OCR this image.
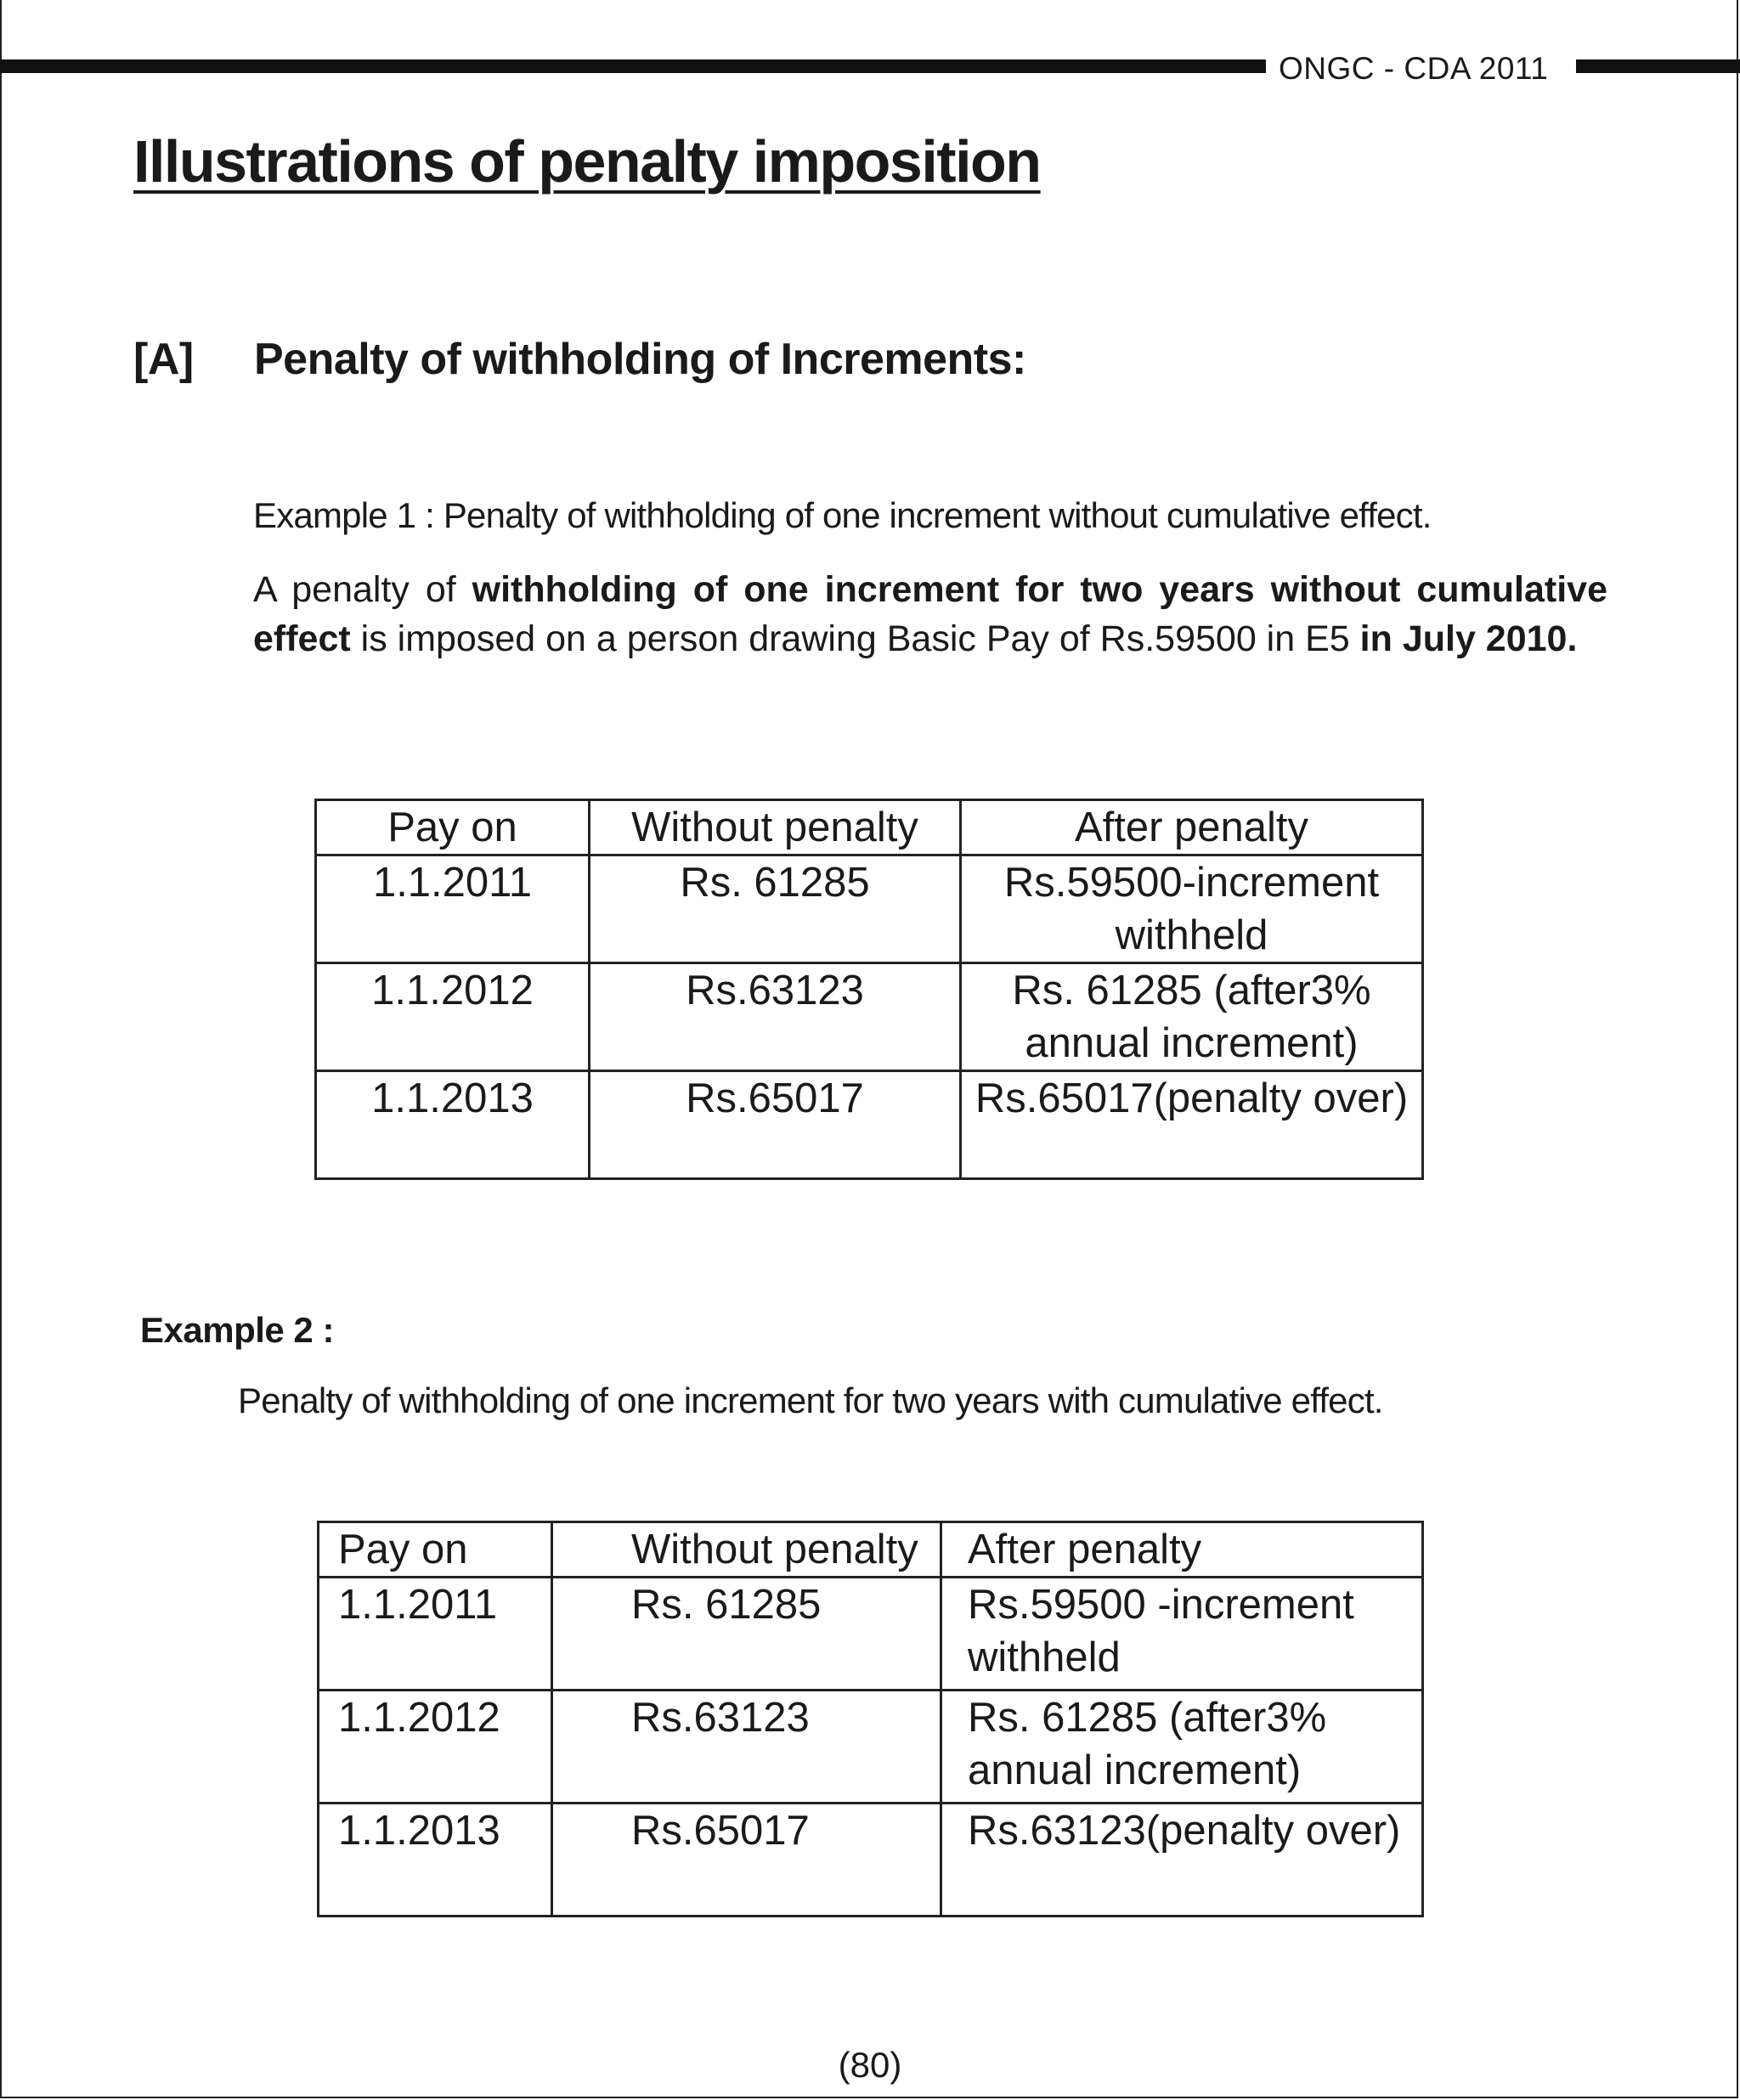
ONGC - CDA 2011
Illustrations of penalty imposition
[A] Penalty of withholding of Increments:
Example 1 : Penalty of withholding of one increment without cumulative effect.

A penalty of withholding of one increment for two years without cumulative effect is imposed on a person drawing Basic Pay of Rs.59500 in E5 in July 2010.

Pay on	Without penalty	After penalty
1.1.2011	Rs. 61285	Rs.59500-increment withheld
1.1.2012	Rs.63123	Rs. 61285 (after3% annual increment)
1.1.2013	Rs.65017	Rs.65017(penalty over)
Example 2 :
Penalty of withholding of one increment for two years with cumulative effect.
Pay on	Without penalty	After penalty
1.1.2011	Rs. 61285	Rs.59500 -increment withheld
1.1.2012	Rs.63123	Rs. 61285 (after3% annual increment)
1.1.2013	Rs.65017	Rs.63123(penalty over)
(80)
